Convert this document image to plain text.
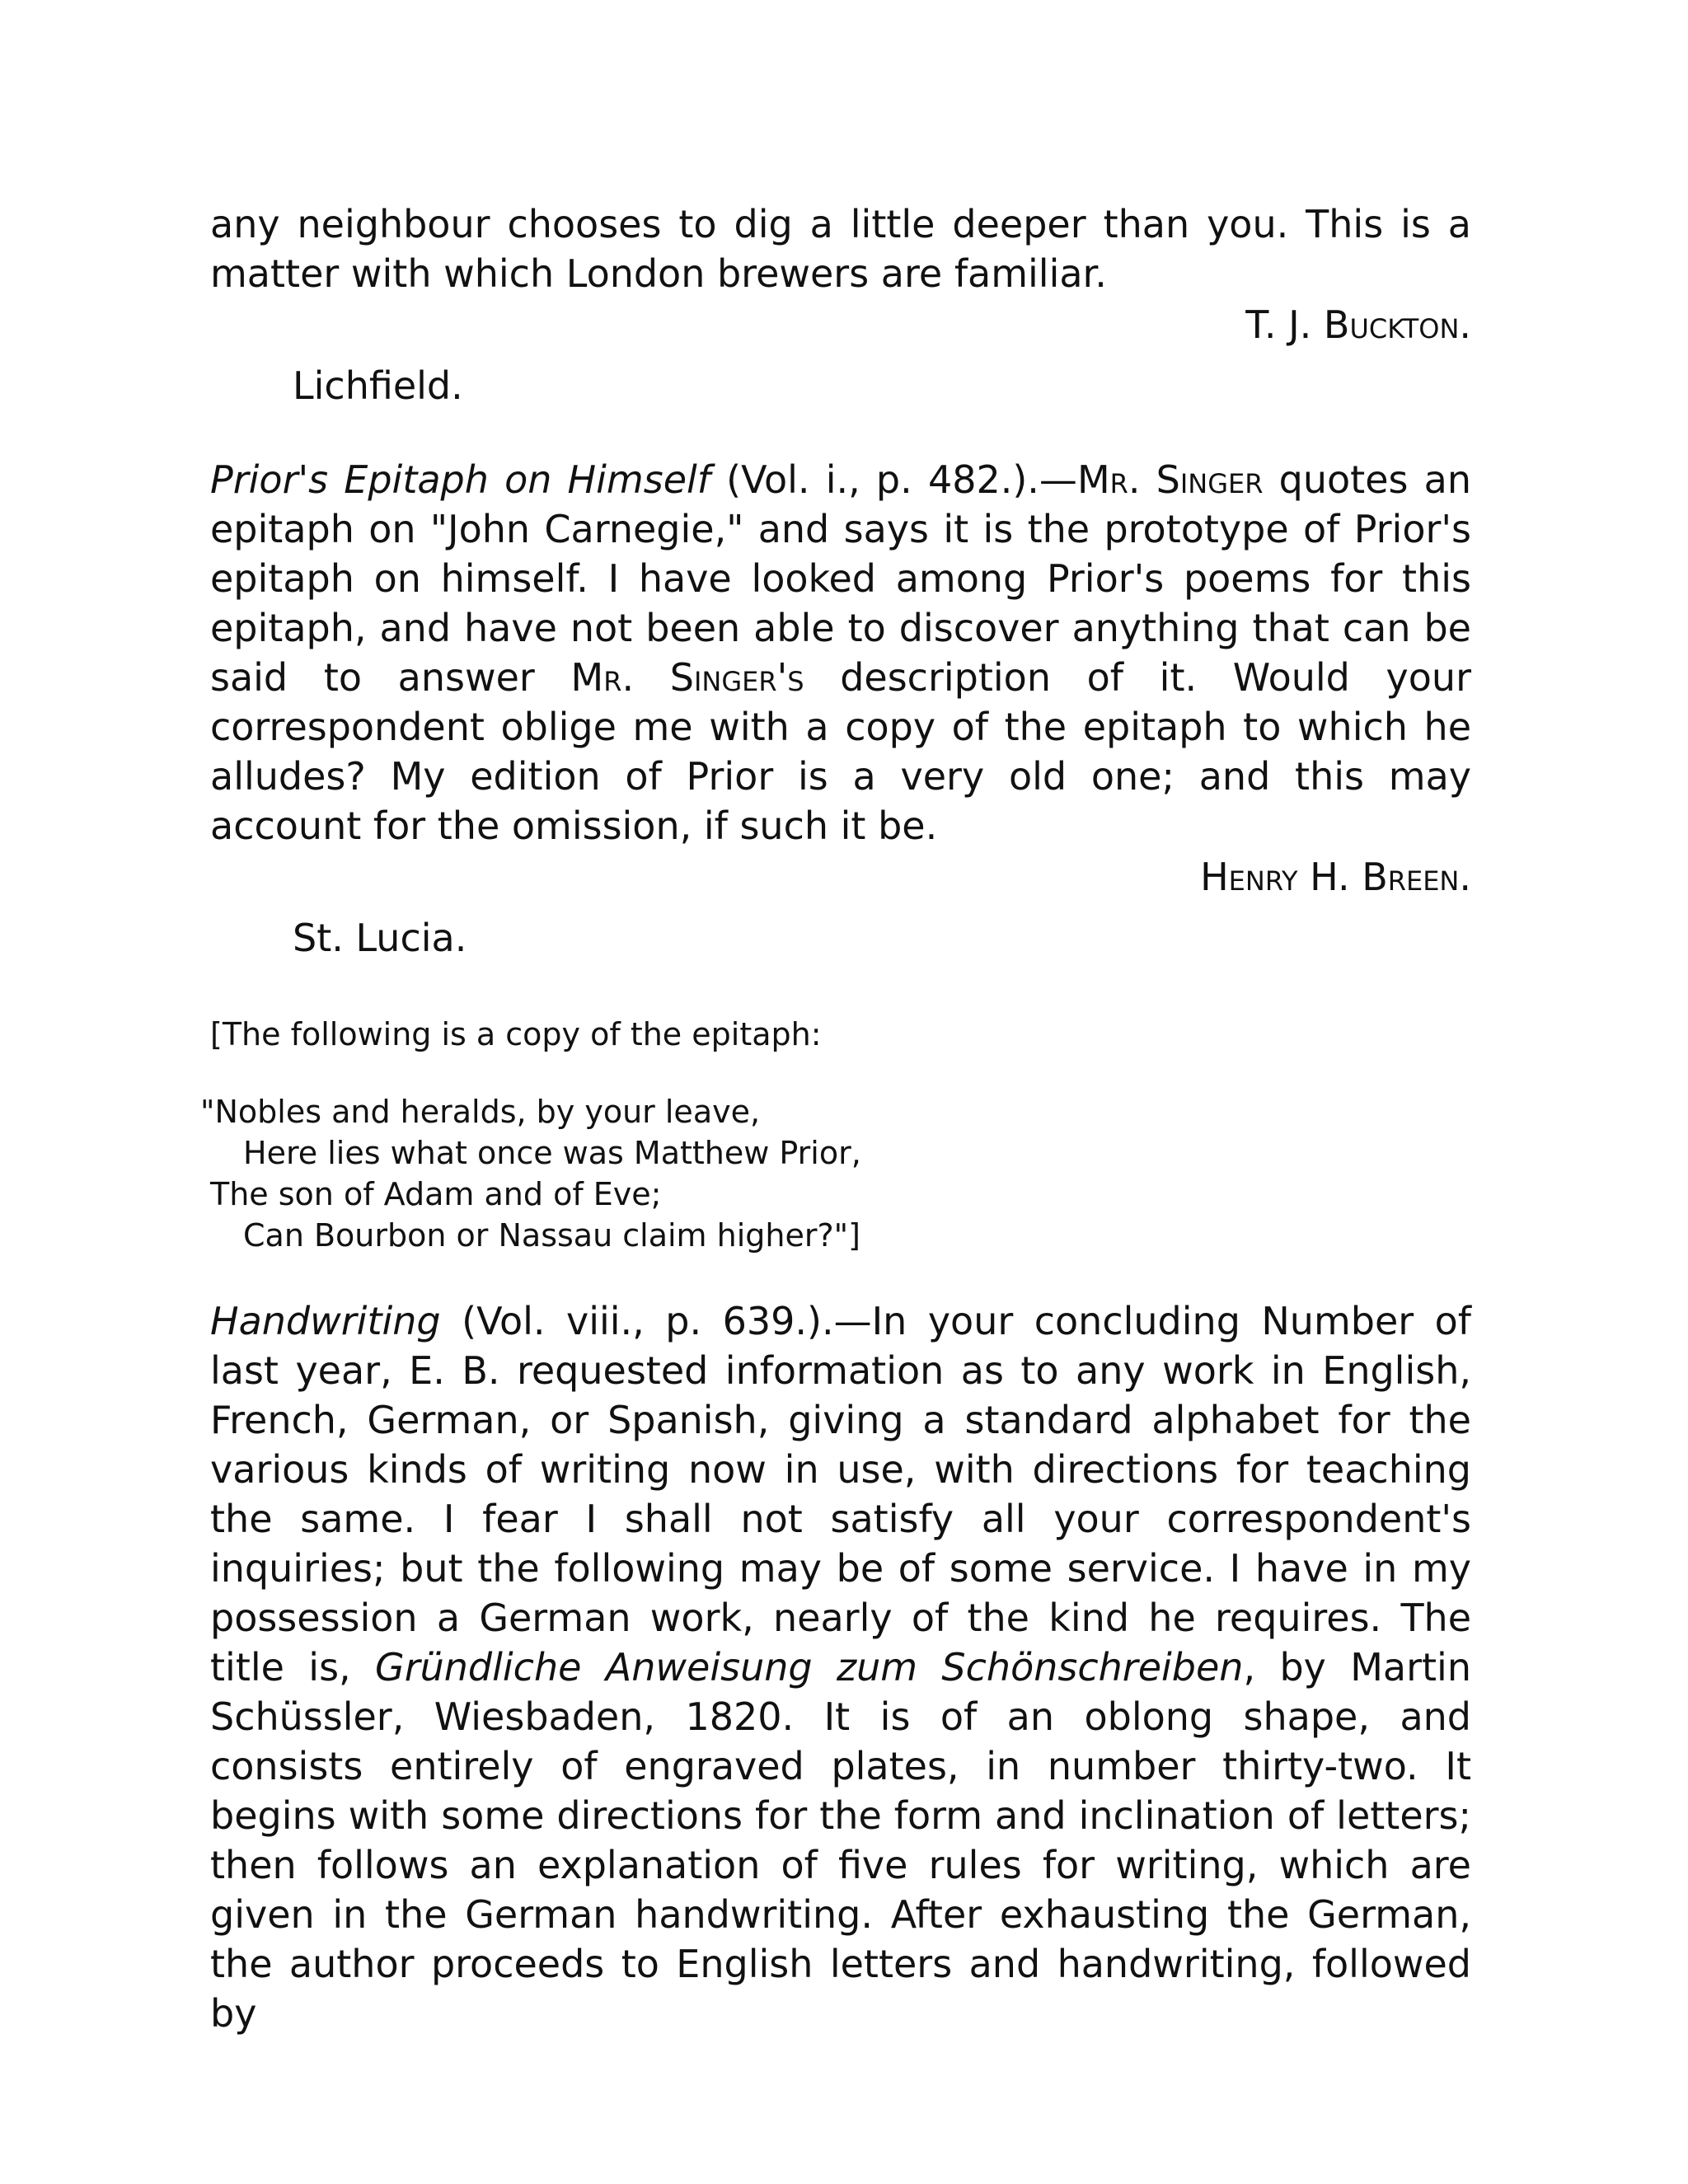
any neighbour chooses to dig a little deeper than you. This is a matter with which London brewers are familiar.

T. J. Buckton.
Lichfield.

Prior's Epitaph on Himself (Vol. i., p. 482.).—Mr. Singer quotes an epitaph on "John Carnegie," and says it is the prototype of Prior's epitaph on himself. I have looked among Prior's poems for this epitaph, and have not been able to discover anything that can be said to answer Mr. Singer's description of it. Would your correspondent oblige me with a copy of the epitaph to which he alludes? My edition of Prior is a very old one; and this may account for the omission, if such it be.

Henry H. Breen.
St. Lucia.
[The following is a copy of the epitaph:
"Nobles and heralds, by your leave,
Here lies what once was Matthew Prior,
The son of Adam and of Eve;
Can Bourbon or Nassau claim higher?"]

Handwriting (Vol. viii., p. 639.).—In your concluding Number of last year, E. B. requested information as to any work in English, French, German, or Spanish, giving a standard alphabet for the various kinds of writing now in use, with directions for teaching the same. I fear I shall not satisfy all your correspondent's inquiries; but the following may be of some service. I have in my possession a German work, nearly of the kind he requires. The title is, Gründliche Anweisung zum Schönschreiben, by Martin Schüssler, Wiesbaden, 1820. It is of an oblong shape, and consists entirely of engraved plates, in number thirty-two. It begins with some directions for the form and inclination of letters; then follows an explanation of five rules for writing, which are given in the German handwriting. After exhausting the German, the author proceeds to English letters and handwriting, followed by
